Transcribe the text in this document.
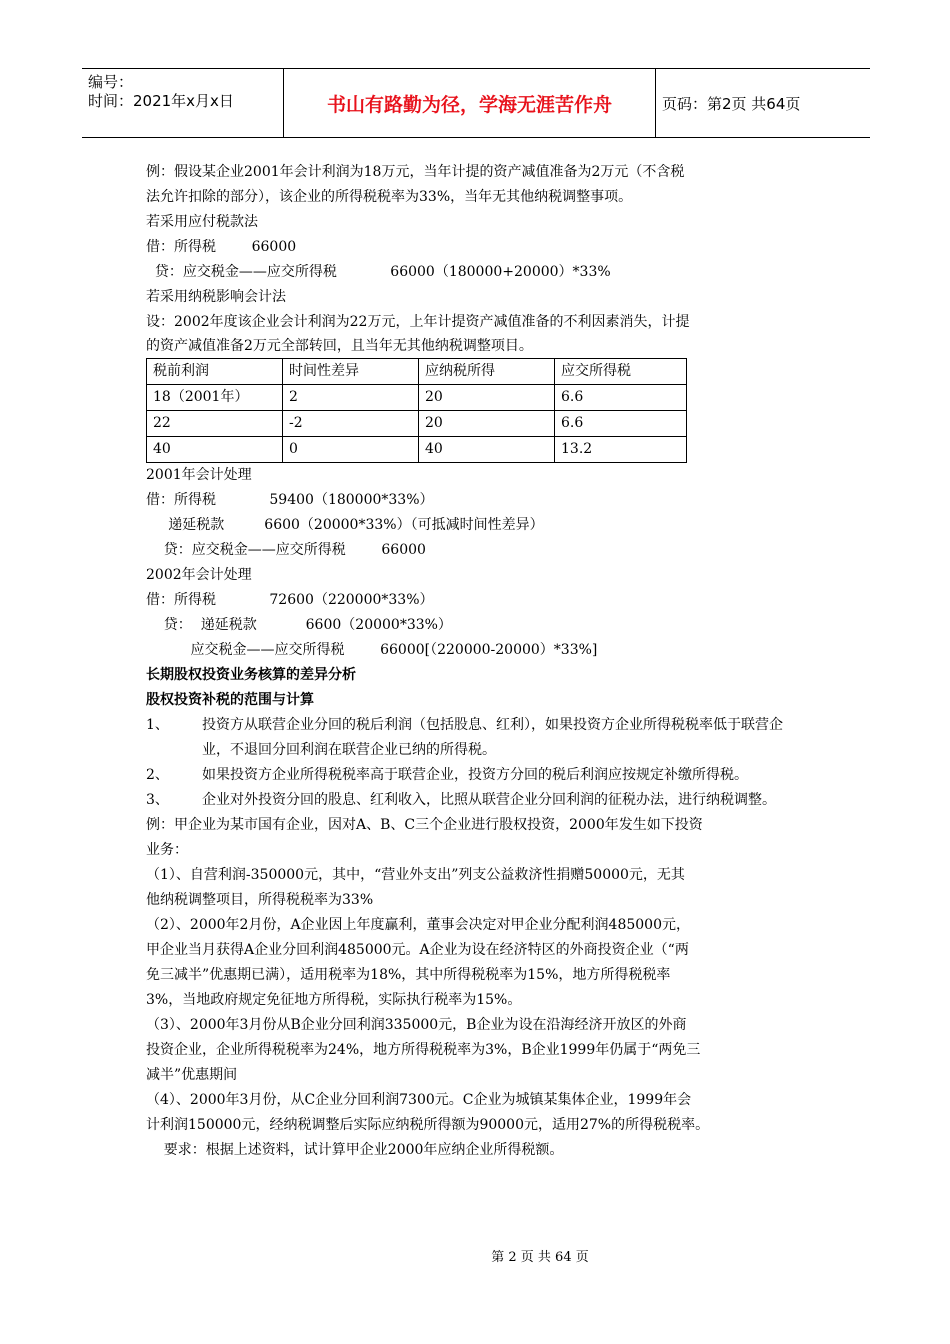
编号：
时间：2021年x月x日	书山有路勤为径，学海无涯苦作舟	页码：第2页 共64页
例：假设某企业2001年会计利润为18万元，当年计提的资产减值准备为2万元（不含税
法允许扣除的部分），该企业的所得税税率为33%，当年无其他纳税调整事项。
若采用应付税款法
借：所得税        66000
贷：应交税金——应交所得税            66000（180000+20000）*33%
若采用纳税影响会计法
设：2002年度该企业会计利润为22万元，上年计提资产减值准备的不利因素消失，计提
的资产减值准备2万元全部转回，且当年无其他纳税调整项目。
税前利润	时间性差异	应纳税所得	应交所得税
18（2001年）	2	20	6.6
22	-2	20	6.6
40	0	40	13.2
2001年会计处理
借：所得税            59400（180000*33%）
递延税款         6600（20000*33%）（可抵减时间性差异）
贷：应交税金——应交所得税        66000
2002年会计处理
借：所得税            72600（220000*33%）
贷：  递延税款           6600（20000*33%）
应交税金——应交所得税        66000[（220000-20000）*33%]
长期股权投资业务核算的差异分析
股权投资补税的范围与计算
1、	投资方从联营企业分回的税后利润（包括股息、红利），如果投资方企业所得税税率低于联营企业，不退回分回利润在联营企业已纳的所得税。
2、	如果投资方企业所得税税率高于联营企业，投资方分回的税后利润应按规定补缴所得税。
3、	企业对外投资分回的股息、红利收入，比照从联营企业分回利润的征税办法，进行纳税调整。
例：甲企业为某市国有企业，因对A、B、C三个企业进行股权投资，2000年发生如下投资
业务：
（1）、自营利润-350000元，其中，“营业外支出”列支公益救济性捐赠50000元，无其
他纳税调整项目，所得税税率为33%
（2）、2000年2月份，A企业因上年度赢利，董事会决定对甲企业分配利润485000元，
甲企业当月获得A企业分回利润485000元。A企业为设在经济特区的外商投资企业（“两
免三减半”优惠期已满），适用税率为18%，其中所得税税率为15%，地方所得税税率
3%，当地政府规定免征地方所得税，实际执行税率为15%。
（3）、2000年3月份从B企业分回利润335000元，B企业为设在沿海经济开放区的外商
投资企业，企业所得税税率为24%，地方所得税税率为3%，B企业1999年仍属于“两免三
减半”优惠期间
（4）、2000年3月份，从C企业分回利润7300元。C企业为城镇某集体企业，1999年会
计利润150000元，经纳税调整后实际应纳税所得额为90000元，适用27%的所得税税率。
要求：根据上述资料，试计算甲企业2000年应纳企业所得税额。
第 2 页 共 64 页
